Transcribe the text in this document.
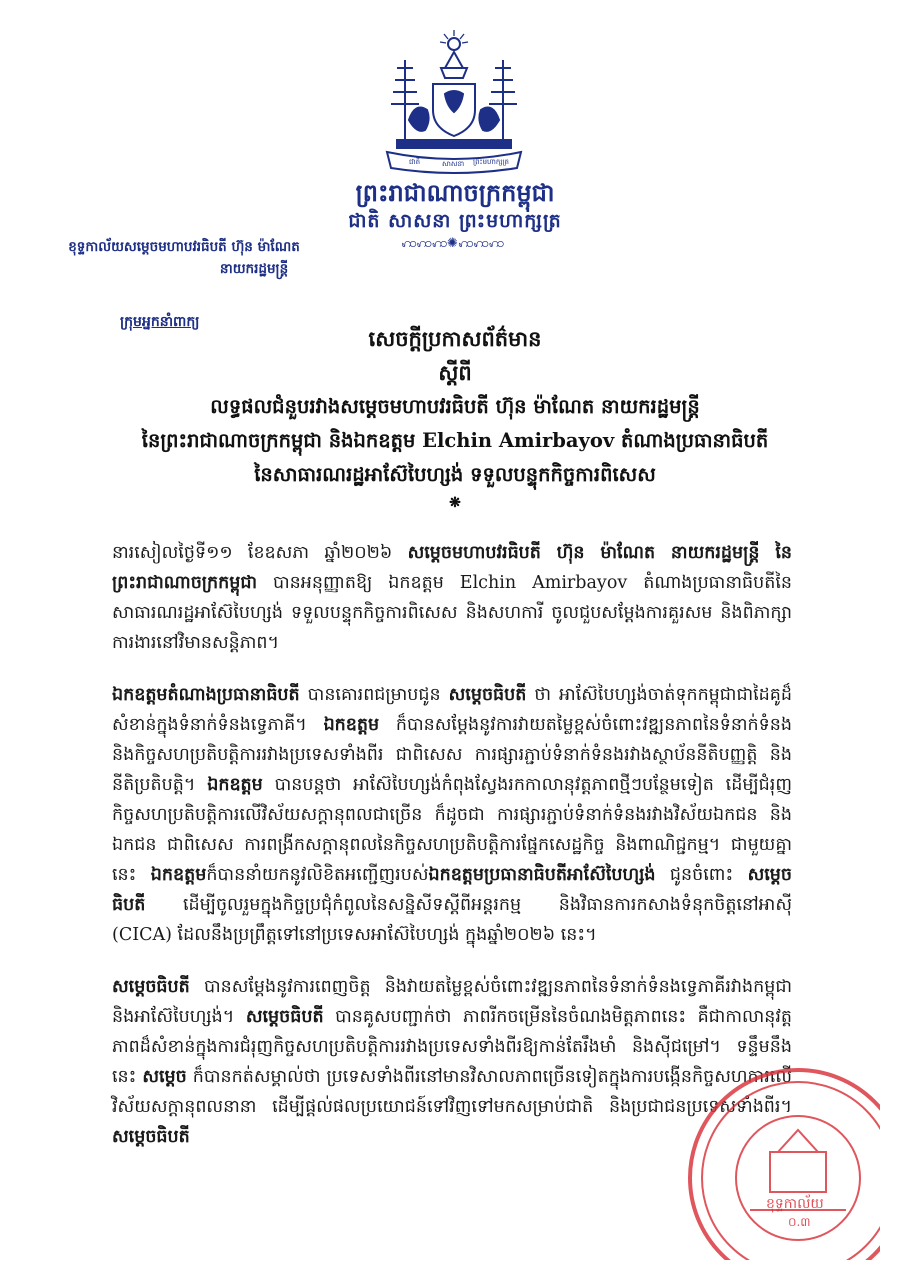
ជាតិ	សាសនា ព្រះមហាក្សត្រ
ព្រះរាជាណាចក្រកម្ពុជា
ជាតិ សាសនា ព្រះមហាក្សត្រ
ꩲꩲꩲ✺ꩲꩲꩲ
ខុទ្ទកាល័យសម្តេចមហាបវរធិបតី ហ៊ុន ម៉ាណែត
នាយករដ្ឋមន្ត្រី
ក្រុមអ្នកនាំពាក្យ
សេចក្តីប្រកាសព័ត៌មាន
ស្តីពី
លទ្ធផលជំនួបរវាងសម្តេចមហាបវរធិបតី ហ៊ុន ម៉ាណែត នាយករដ្ឋមន្ត្រី
នៃព្រះរាជាណាចក្រកម្ពុជា និងឯកឧត្តម Elchin Amirbayov តំណាងប្រធានាធិបតី
នៃសាធារណរដ្ឋអាស៊ែបៃហ្សង់ ទទួលបន្ទុកកិច្ចការពិសេស
❋

នារសៀលថ្ងៃទី១១ ខែឧសភា ឆ្នាំ២០២៦ សម្តេចមហាបវរធិបតី ហ៊ុន ម៉ាណែត នាយករដ្ឋមន្ត្រី នៃព្រះរាជាណាចក្រកម្ពុជា បានអនុញ្ញាតឱ្យ ឯកឧត្តម Elchin Amirbayov តំណាងប្រធានាធិបតីនៃសាធារណរដ្ឋអាស៊ែបៃហ្សង់ ទទួលបន្ទុកកិច្ចការពិសេស និងសហការី ចូលជួបសម្តែងការគួរសម និងពិភាក្សាការងារនៅវិមានសន្តិភាព។

ឯកឧត្តមតំណាងប្រធានាធិបតី បានគោរពជម្រាបជូន សម្តេចធិបតី ថា អាស៊ែបៃហ្សង់ចាត់ទុកកម្ពុជាជាដៃគូដ៏សំខាន់ក្នុងទំនាក់ទំនងទ្វេភាគី។ ឯកឧត្តម ក៏បានសម្តែងនូវការវាយតម្លៃខ្ពស់ចំពោះវឌ្ឍនភាពនៃទំនាក់ទំនង និងកិច្ចសហប្រតិបត្តិការរវាងប្រទេសទាំងពីរ ជាពិសេស ការផ្សារភ្ជាប់ទំនាក់ទំនងរវាងស្ថាប័ននីតិបញ្ញត្តិ និងនីតិប្រតិបត្តិ។ ឯកឧត្តម បានបន្តថា អាស៊ែបៃហ្សង់កំពុងស្វែងរកកាលានុវត្តភាពថ្មីៗបន្ថែមទៀត ដើម្បីជំរុញកិច្ចសហប្រតិបត្តិការលើវិស័យសក្តានុពលជាច្រើន ក៏ដូចជា ការផ្សារភ្ជាប់ទំនាក់ទំនងរវាងវិស័យឯកជន និងឯកជន ជាពិសេស ការពង្រីកសក្តានុពលនៃកិច្ចសហប្រតិបត្តិការផ្នែកសេដ្ឋកិច្ច និងពាណិជ្ជកម្ម។ ជាមួយគ្នានេះ ឯកឧត្តមក៏បាននាំយកនូវលិខិតអញ្ជើញរបស់ឯកឧត្តមប្រធានាធិបតីអាស៊ែបៃហ្សង់ ជូនចំពោះ សម្តេចធិបតី ដើម្បីចូលរួមក្នុងកិច្ចប្រជុំកំពូលនៃសន្និសីទស្តីពីអន្តរកម្ម និងវិធានការកសាងទំនុកចិត្តនៅអាស៊ី (CICA) ដែលនឹងប្រព្រឹត្តទៅនៅប្រទេសអាស៊ែបៃហ្សង់ ក្នុងឆ្នាំ២០២៦ នេះ។

សម្តេចធិបតី បានសម្តែងនូវការពេញចិត្ត និងវាយតម្លៃខ្ពស់ចំពោះវឌ្ឍនភាពនៃទំនាក់ទំនងទ្វេភាគីរវាងកម្ពុជា និងអាស៊ែបៃហ្សង់។ សម្តេចធិបតី បានគូសបញ្ជាក់ថា ភាពរីកចម្រើននៃចំណងមិត្តភាពនេះ គឺជាកាលានុវត្តភាពដ៏សំខាន់ក្នុងការជំរុញកិច្ចសហប្រតិបត្តិការរវាងប្រទេសទាំងពីរឱ្យកាន់តែរឹងមាំ និងស៊ីជម្រៅ។ ទន្ទឹមនឹងនេះ សម្តេច ក៏បានកត់សម្គាល់ថា ប្រទេសទាំងពីរនៅមានវិសាលភាពច្រើនទៀតក្នុងការបង្កើនកិច្ចសហការលើវិស័យសក្តានុពលនានា ដើម្បីផ្តល់ផលប្រយោជន៍ទៅវិញទៅមកសម្រាប់ជាតិ និងប្រជាជនប្រទេសទាំងពីរ។ សម្តេចធិបតី

ខុទ្ទកាល័យ
០.៣
